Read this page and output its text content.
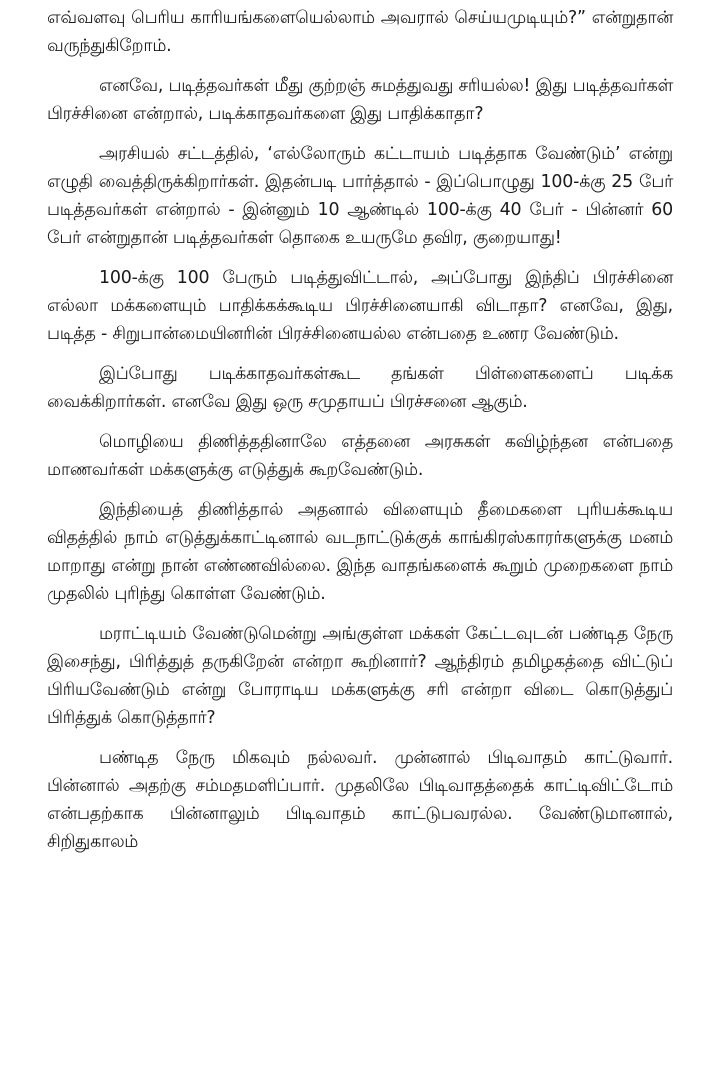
எவ்வளவு பெரிய காரியங்களையெல்லாம் அவரால் செய்யமுடியும்?” என்றுதான் வருந்துகிறோம்.

எனவே, படித்தவர்கள் மீது குற்றஞ் சுமத்துவது சரியல்ல! இது படித்தவர்கள் பிரச்சினை என்றால், படிக்காதவர்களை இது பாதிக்காதா?

அரசியல் சட்டத்தில், ‘எல்லோரும் கட்டாயம் படித்தாக வேண்டும்’ என்று எழுதி வைத்திருக்கிறார்கள். இதன்படி பார்த்தால் - இப்பொழுது 100-க்கு 25 பேர் படித்தவர்கள் என்றால் - இன்னும் 10 ஆண்டில் 100-க்கு 40 பேர் - பின்னர் 60 பேர் என்றுதான் படித்தவர்கள் தொகை உயருமே தவிர, குறையாது!

100-க்கு 100 பேரும் படித்துவிட்டால், அப்போது இந்திப் பிரச்சினை எல்லா மக்களையும் பாதிக்கக்கூடிய பிரச்சினையாகி விடாதா? எனவே, இது, படித்த - சிறுபான்மையினரின் பிரச்சினையல்ல என்பதை உணர வேண்டும்.

இப்போது படிக்காதவர்கள்கூட தங்கள் பிள்ளைகளைப் படிக்க வைக்கிறார்கள். எனவே இது ஒரு சமுதாயப் பிரச்சனை ஆகும்.

மொழியை திணித்ததினாலே எத்தனை அரசுகள் கவிழ்ந்தன என்பதை மாணவர்கள் மக்களுக்கு எடுத்துக் கூறவேண்டும்.

இந்தியைத் திணித்தால் அதனால் விளையும் தீமைகளை புரியக்கூடிய விதத்தில் நாம் எடுத்துக்காட்டினால் வடநாட்டுக்குக் காங்கிரஸ்காரர்களுக்கு மனம் மாறாது என்று நான் எண்ணவில்லை. இந்த வாதங்களைக் கூறும் முறைகளை நாம் முதலில் புரிந்து கொள்ள வேண்டும்.

மராட்டியம் வேண்டுமென்று அங்குள்ள மக்கள் கேட்டவுடன் பண்டித நேரு இசைந்து, பிரித்துத் தருகிறேன் என்றா கூறினார்? ஆந்திரம் தமிழகத்தை விட்டுப் பிரியவேண்டும் என்று போராடிய மக்களுக்கு சரி என்றா விடை கொடுத்துப் பிரித்துக் கொடுத்தார்?

பண்டித நேரு மிகவும் நல்லவர். முன்னால் பிடிவாதம் காட்டுவார். பின்னால் அதற்கு சம்மதமளிப்பார். முதலிலே பிடிவாதத்தைக் காட்டிவிட்டோம் என்பதற்காக பின்னாலும் பிடிவாதம் காட்டுபவரல்ல. வேண்டுமானால், சிறிதுகாலம்
